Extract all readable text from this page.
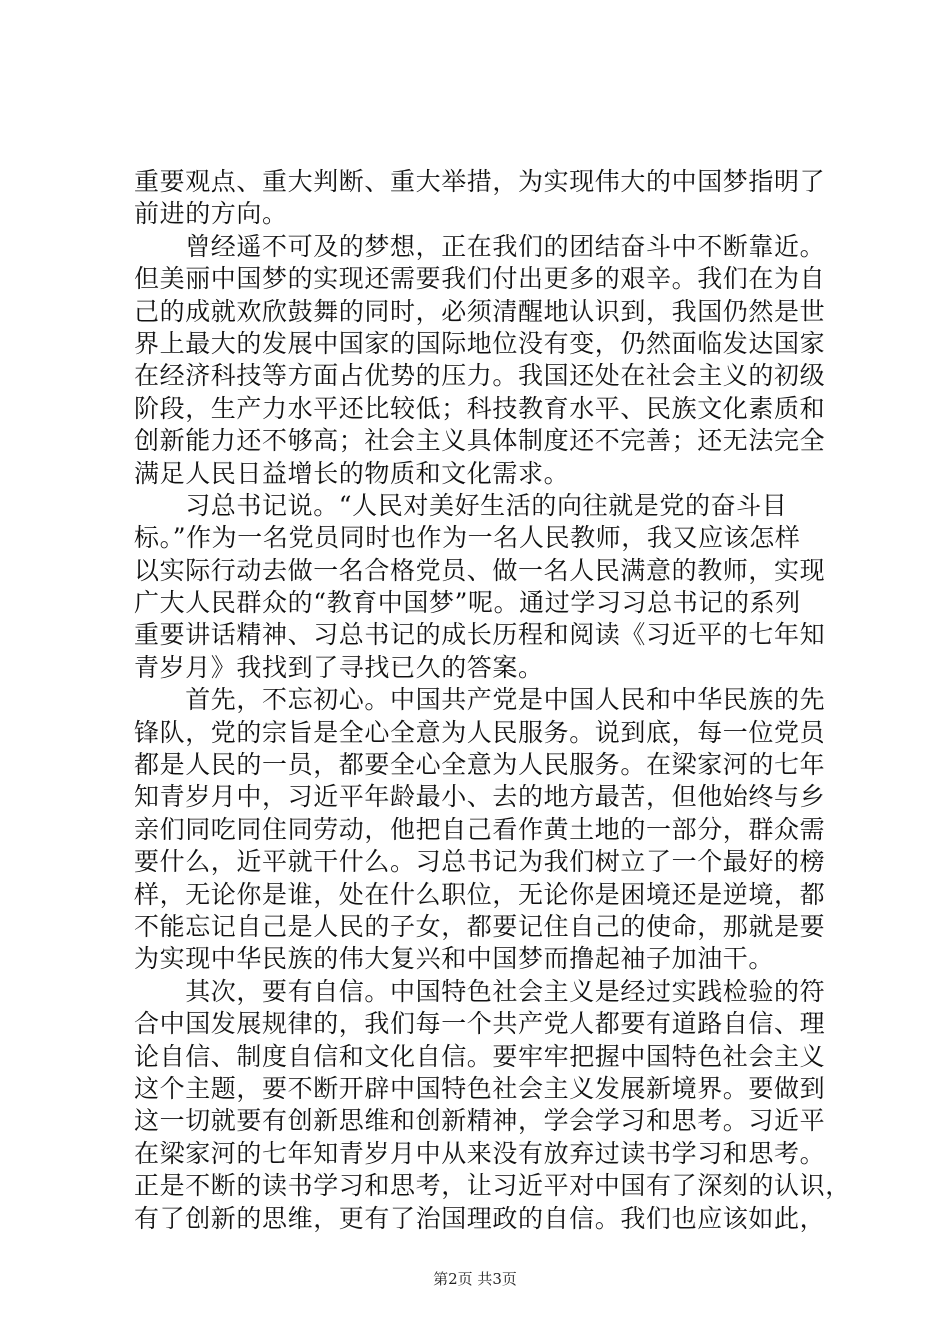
重要观点、重大判断、重大举措，为实现伟大的中国梦指明了
前进的方向。
　　曾经遥不可及的梦想，正在我们的团结奋斗中不断靠近。
但美丽中国梦的实现还需要我们付出更多的艰辛。我们在为自
己的成就欢欣鼓舞的同时，必须清醒地认识到，我国仍然是世
界上最大的发展中国家的国际地位没有变，仍然面临发达国家
在经济科技等方面占优势的压力。我国还处在社会主义的初级
阶段，生产力水平还比较低；科技教育水平、民族文化素质和
创新能力还不够高；社会主义具体制度还不完善；还无法完全
满足人民日益增长的物质和文化需求。
　　习总书记说。“人民对美好生活的向往就是党的奋斗目
标。”作为一名党员同时也作为一名人民教师，我又应该怎样
以实际行动去做一名合格党员、做一名人民满意的教师，实现
广大人民群众的“教育中国梦”呢。通过学习习总书记的系列
重要讲话精神、习总书记的成长历程和阅读《习近平的七年知
青岁月》我找到了寻找已久的答案。
　　首先，不忘初心。中国共产党是中国人民和中华民族的先
锋队，党的宗旨是全心全意为人民服务。说到底，每一位党员
都是人民的一员，都要全心全意为人民服务。在梁家河的七年
知青岁月中，习近平年龄最小、去的地方最苦，但他始终与乡
亲们同吃同住同劳动，他把自己看作黄土地的一部分，群众需
要什么，近平就干什么。习总书记为我们树立了一个最好的榜
样，无论你是谁，处在什么职位，无论你是困境还是逆境，都
不能忘记自己是人民的子女，都要记住自己的使命，那就是要
为实现中华民族的伟大复兴和中国梦而撸起袖子加油干。
　　其次，要有自信。中国特色社会主义是经过实践检验的符
合中国发展规律的，我们每一个共产党人都要有道路自信、理
论自信、制度自信和文化自信。要牢牢把握中国特色社会主义
这个主题，要不断开辟中国特色社会主义发展新境界。要做到
这一切就要有创新思维和创新精神，学会学习和思考。习近平
在梁家河的七年知青岁月中从来没有放弃过读书学习和思考。
正是不断的读书学习和思考，让习近平对中国有了深刻的认识，
有了创新的思维，更有了治国理政的自信。我们也应该如此，
第2页 共3页
